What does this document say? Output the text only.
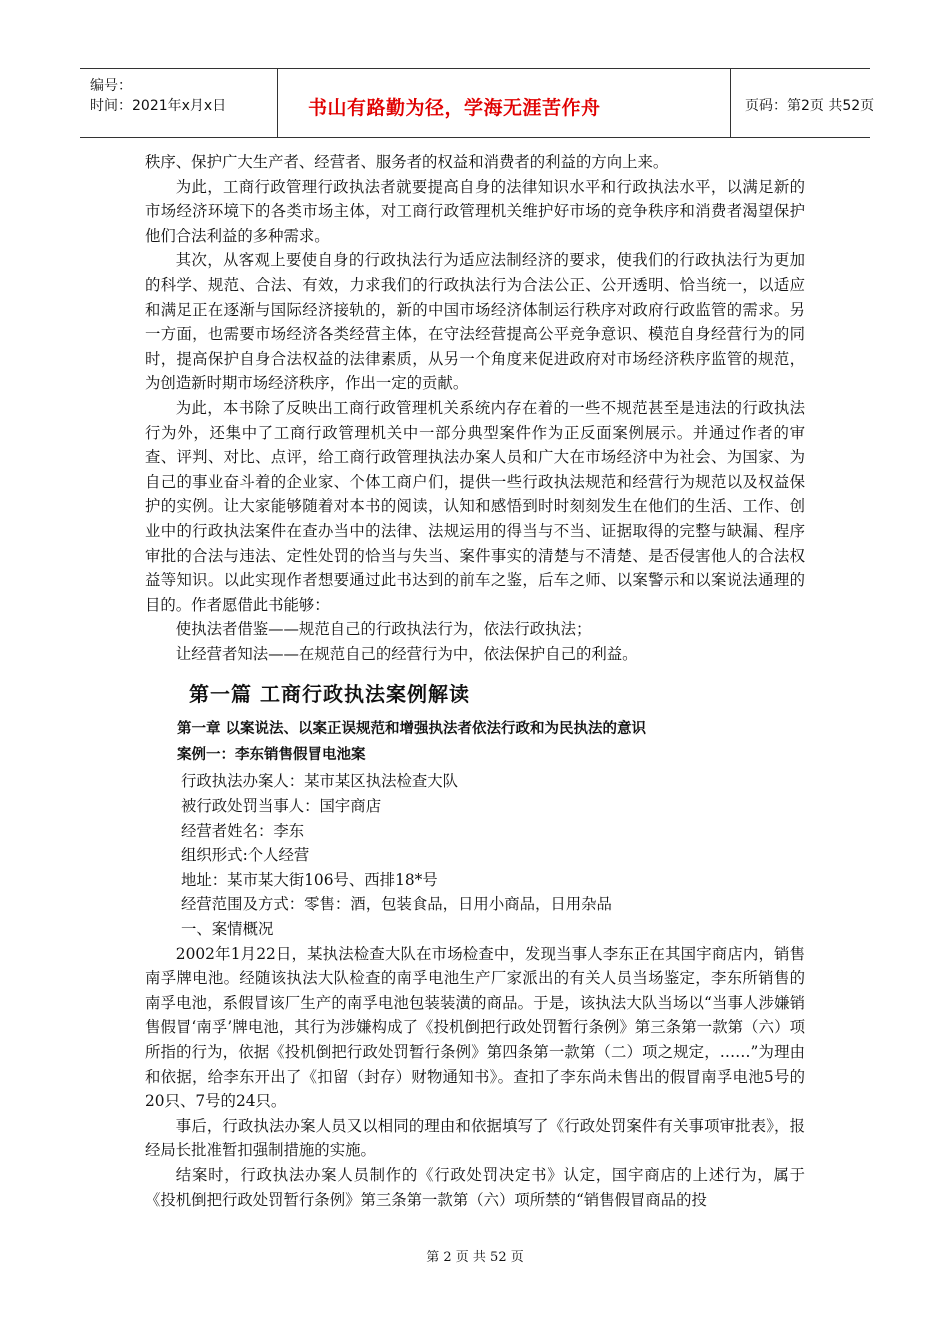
编号：
时间：2021年x月x日	书山有路勤为径，学海无涯苦作舟	页码：第2页 共52页

秩序、保护广大生产者、经营者、服务者的权益和消费者的利益的方向上来。

为此，工商行政管理行政执法者就要提高自身的法律知识水平和行政执法水平，以满足新的市场经济环境下的各类市场主体，对工商行政管理机关维护好市场的竞争秩序和消费者渴望保护他们合法利益的多种需求。

其次，从客观上要使自身的行政执法行为适应法制经济的要求，使我们的行政执法行为更加的科学、规范、合法、有效，力求我们的行政执法行为合法公正、公开透明、恰当统一，以适应和满足正在逐渐与国际经济接轨的，新的中国市场经济体制运行秩序对政府行政监管的需求。另一方面，也需要市场经济各类经营主体，在守法经营提高公平竞争意识、模范自身经营行为的同时，提高保护自身合法权益的法律素质，从另一个角度来促进政府对市场经济秩序监管的规范，为创造新时期市场经济秩序，作出一定的贡献。

为此，本书除了反映出工商行政管理机关系统内存在着的一些不规范甚至是违法的行政执法行为外，还集中了工商行政管理机关中一部分典型案件作为正反面案例展示。并通过作者的审查、评判、对比、点评，给工商行政管理执法办案人员和广大在市场经济中为社会、为国家、为自己的事业奋斗着的企业家、个体工商户们，提供一些行政执法规范和经营行为规范以及权益保护的实例。让大家能够随着对本书的阅读，认知和感悟到时时刻刻发生在他们的生活、工作、创业中的行政执法案件在查办当中的法律、法规运用的得当与不当、证据取得的完整与缺漏、程序审批的合法与违法、定性处罚的恰当与失当、案件事实的清楚与不清楚、是否侵害他人的合法权益等知识。以此实现作者想要通过此书达到的前车之鉴，后车之师、以案警示和以案说法通理的目的。作者愿借此书能够：

使执法者借鉴——规范自己的行政执法行为，依法行政执法；

让经营者知法——在规范自己的经营行为中，依法保护自己的利益。

第一篇 工商行政执法案例解读
第一章 以案说法、以案正误规范和增强执法者依法行政和为民执法的意识
案例一：李东销售假冒电池案

行政执法办案人：某市某区执法检查大队

被行政处罚当事人：国宇商店

经营者姓名：李东

组织形式:个人经营

地址：某市某大街106号、西排18*号

经营范围及方式：零售：酒，包装食品，日用小商品，日用杂品

一、案情概况

2002年1月22日，某执法检查大队在市场检查中，发现当事人李东正在其国宇商店内，销售南孚牌电池。经随该执法大队检查的南孚电池生产厂家派出的有关人员当场鉴定，李东所销售的南孚电池，系假冒该厂生产的南孚电池包装装潢的商品。于是，该执法大队当场以“当事人涉嫌销售假冒‘南孚’牌电池，其行为涉嫌构成了《投机倒把行政处罚暂行条例》第三条第一款第（六）项所指的行为，依据《投机倒把行政处罚暂行条例》第四条第一款第（二）项之规定，……”为理由和依据，给李东开出了《扣留（封存）财物通知书》。查扣了李东尚未售出的假冒南孚电池5号的20只、7号的24只。

事后，行政执法办案人员又以相同的理由和依据填写了《行政处罚案件有关事项审批表》，报经局长批准暂扣强制措施的实施。

结案时，行政执法办案人员制作的《行政处罚决定书》认定，国宇商店的上述行为，属于《投机倒把行政处罚暂行条例》第三条第一款第（六）项所禁的“销售假冒商品的投

第 2 页 共 52 页
